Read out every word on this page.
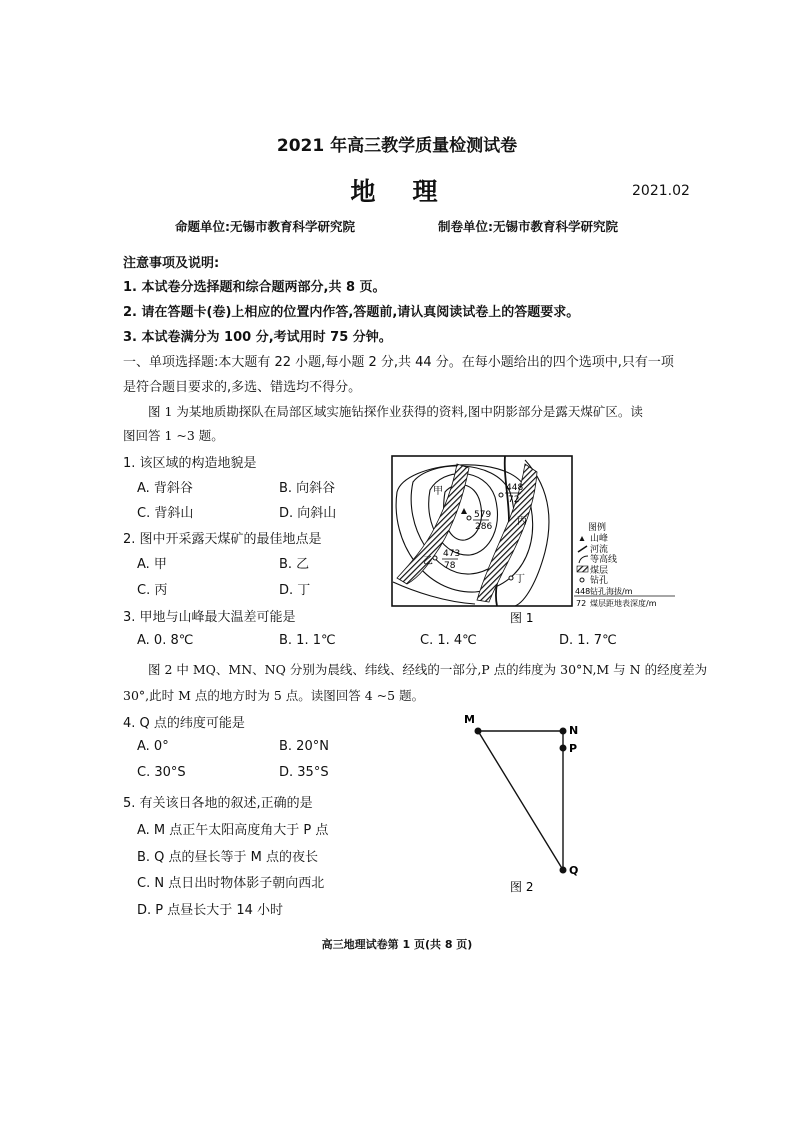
2021 年高三教学质量检测试卷
地　理	2021.02
命题单位:无锡市教育科学研究院	制卷单位:无锡市教育科学研究院
注意事项及说明:
1. 本试卷分选择题和综合题两部分,共 8 页。
2. 请在答题卡(卷)上相应的位置内作答,答题前,请认真阅读试卷上的答题要求。
3. 本试卷满分为 100 分,考试用时 75 分钟。
一、单项选择题:本大题有 22 小题,每小题 2 分,共 44 分。在每小题给出的四个选项中,只有一项
是符合题目要求的,多选、错选均不得分。
图 1 为某地质勘探队在局部区域实施钻探作业获得的资料,图中阴影部分是露天煤矿区。读
图回答 1 ~3 题。
1. 该区域的构造地貌是
A. 背斜谷	B. 向斜谷
C. 背斜山	D. 向斜山
2. 图中开采露天煤矿的最佳地点是
A. 甲	B. 乙
C. 丙	D. 丁
3. 甲地与山峰最大温差可能是
A. 0. 8℃	B. 1. 1℃	C. 1. 4℃	D. 1. 7℃
图 2 中 MQ、MN、NQ 分别为晨线、纬线、经线的一部分,P 点的纬度为 30°N,M 与 N 的经度差为
30°,此时 M 点的地方时为 5 点。读图回答 4 ~5 题。
4. Q 点的纬度可能是
A. 0°	B. 20°N
C. 30°S	D. 35°S
5. 有关该日各地的叙述,正确的是
A. M 点正午太阳高度角大于 P 点
B. Q 点的昼长等于 M 点的夜长
C. N 点日出时物体影子朝向西北
D. P 点昼长大于 14 小时
448
72
579
286
473
78
甲
乙
丙
丁
图 1
图例
山峰
河流
等高线
煤层
钻孔
448 钻孔海拔/m
72 煤层距地表深度/m
M
N
P
Q
图 2
高三地理试卷第 1 页(共 8 页)
